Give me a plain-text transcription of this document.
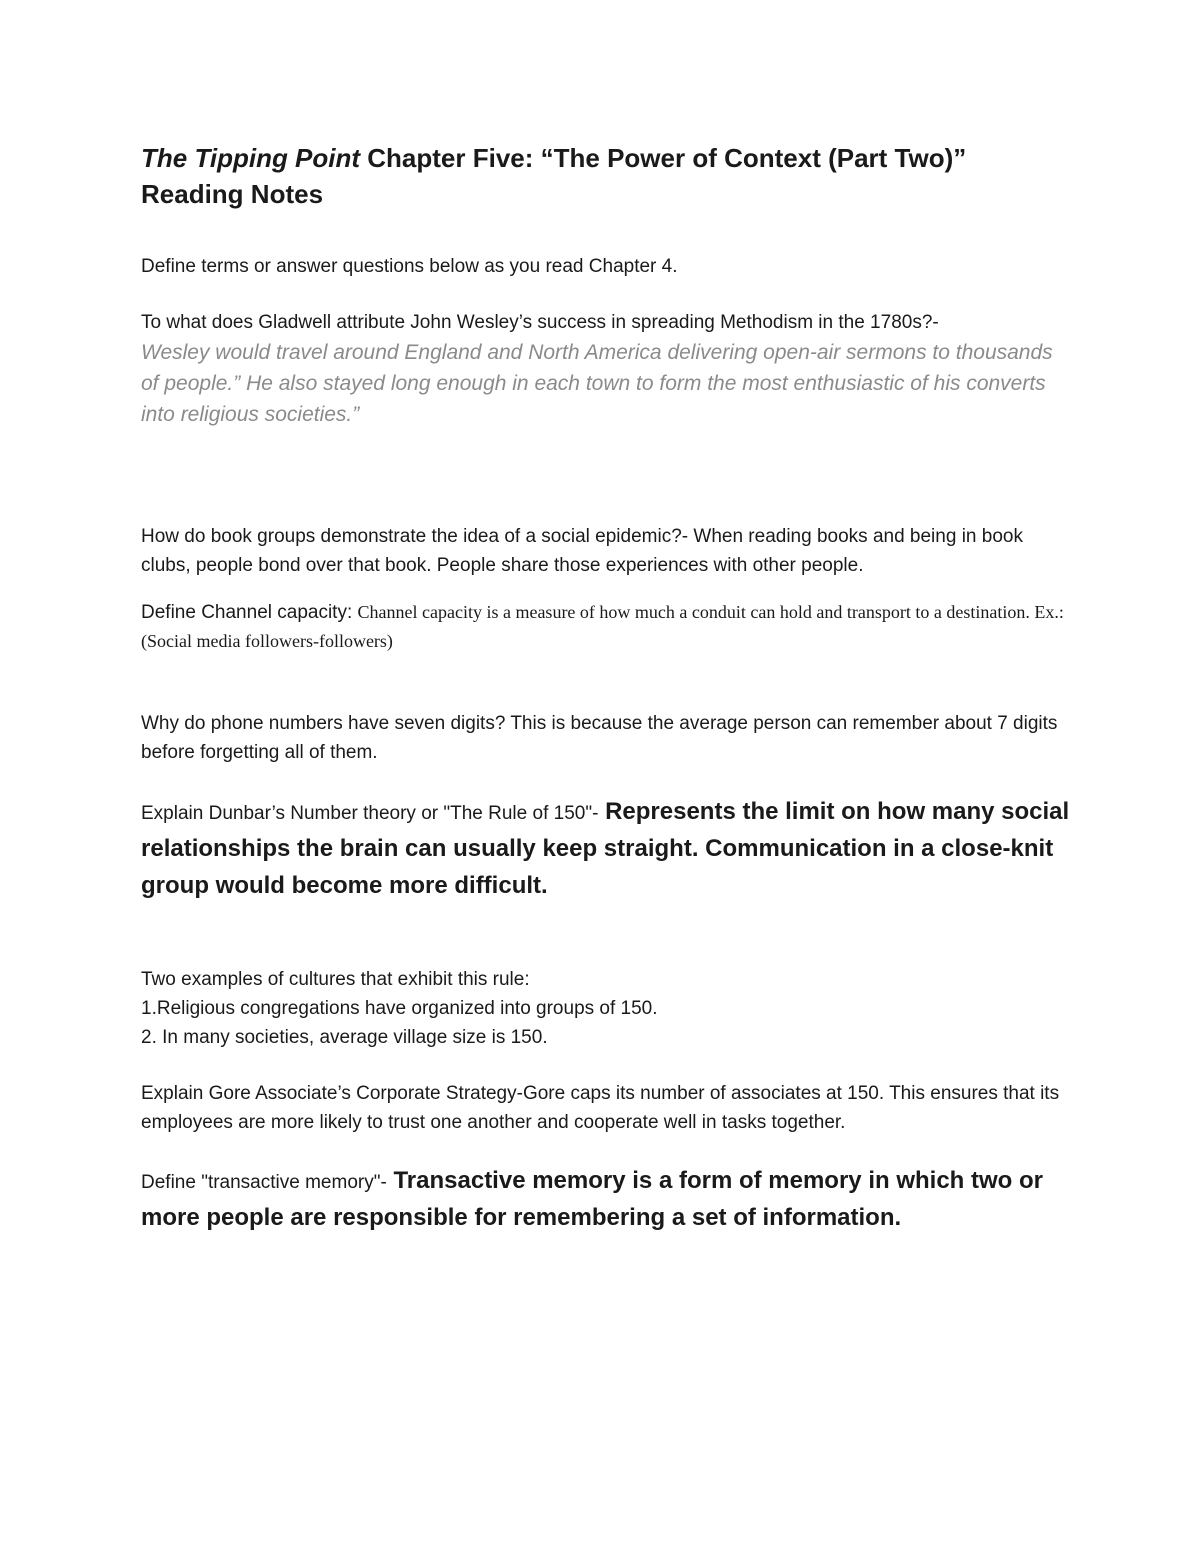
The Tipping Point Chapter Five: “The Power of Context (Part Two)”
Reading Notes

Define terms or answer questions below as you read Chapter 4.

To what does Gladwell attribute John Wesley’s success in spreading Methodism in the 1780s?-
Wesley would travel around England and North America delivering open-air sermons to thousands of people.” He also stayed long enough in each town to form the most enthusiastic of his converts into religious societies.”

How do book groups demonstrate the idea of a social epidemic?- When reading books and being in book clubs, people bond over that book. People share those experiences with other people.

Define Channel capacity: Channel capacity is a measure of how much a conduit can hold and transport to a destination. Ex.:(Social media followers-followers)

Why do phone numbers have seven digits? This is because the average person can remember about 7 digits before forgetting all of them.

Explain Dunbar’s Number theory or "The Rule of 150"- Represents the limit on how many social relationships the brain can usually keep straight. Communication in a close-knit group would become more difficult.

Two examples of cultures that exhibit this rule:
1.Religious congregations have organized into groups of 150.
2. In many societies, average village size is 150.

Explain Gore Associate’s Corporate Strategy-Gore caps its number of associates at 150. This ensures that its employees are more likely to trust one another and cooperate well in tasks together.

Define "transactive memory"- Transactive memory is a form of memory in which two or more people are responsible for remembering a set of information.
